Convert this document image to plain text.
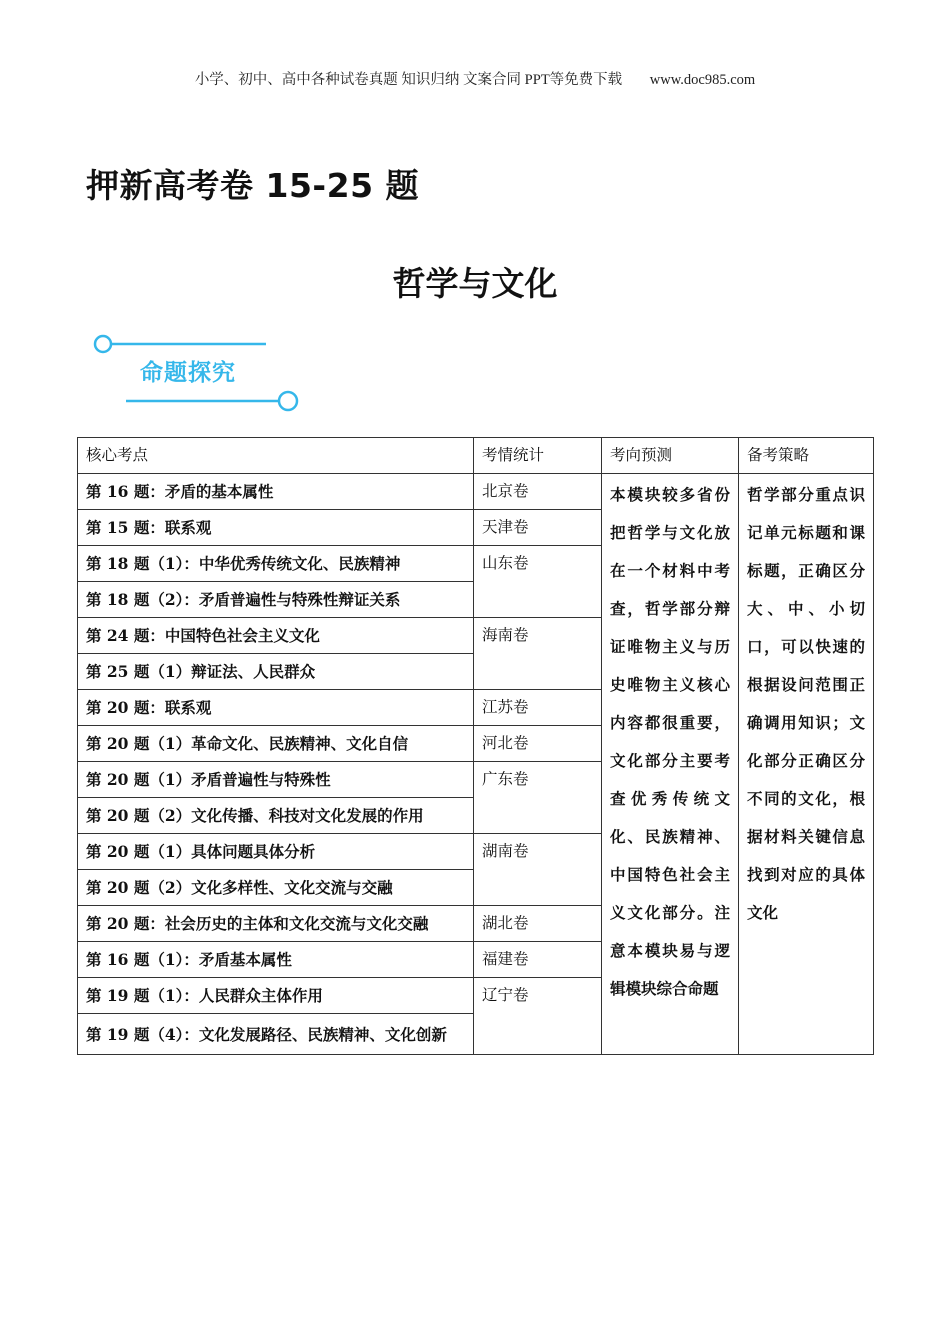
小学、初中、高中各种试卷真题 知识归纳 文案合同 PPT等免费下载 www.doc985.com
押新高考卷 15-25 题
哲学与文化
命题探究
核心考点	考情统计	考向预测	备考策略
第 16 题：矛盾的基本属性	北京卷	本模块较多省份把哲学与文化放在一个材料中考查，哲学部分辩证唯物主义与历史唯物主义核心内容都很重要，文化部分主要考查优秀传统文化、民族精神、中国特色社会主义文化部分。注意本模块易与逻辑模块综合命题	哲学部分重点识记单元标题和课标题，正确区分大、中、小切口，可以快速的根据设问范围正确调用知识；文化部分正确区分不同的文化，根据材料关键信息找到对应的具体文化
第 15 题：联系观	天津卷		
第 18 题（1）：中华优秀传统文化、民族精神	山东卷		
第 18 题（2）：矛盾普遍性与特殊性辩证关系			
第 24 题：中国特色社会主义文化	海南卷		
第 25 题（1）辩证法、人民群众			
第 20 题：联系观	江苏卷		
第 20 题（1）革命文化、民族精神、文化自信	河北卷		
第 20 题（1）矛盾普遍性与特殊性	广东卷		
第 20 题（2）文化传播、科技对文化发展的作用			
第 20 题（1）具体问题具体分析	湖南卷		
第 20 题（2）文化多样性、文化交流与交融			
第 20 题：社会历史的主体和文化交流与文化交融	湖北卷		
第 16 题（1）：矛盾基本属性	福建卷		
第 19 题（1）：人民群众主体作用	辽宁卷		
第 19 题（4）：文化发展路径、民族精神、文化创新			
